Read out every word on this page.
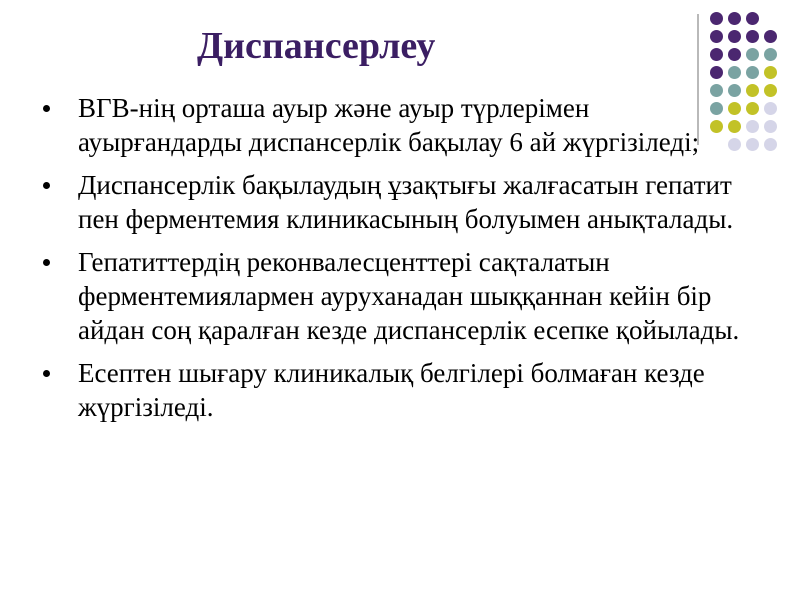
Диспансерлеу
ВГВ-нің орташа ауыр және ауыр түрлерімен ауырғандарды диспансерлік бақылау 6 ай жүргізіледі;
Диспансерлік бақылаудың ұзақтығы жалғасатын гепатит пен ферментемия клиникасының болуымен анықталады.
Гепатиттердің реконвалесценттері сақталатын ферментемиялармен ауруханадан шыққаннан кейін бір айдан соң қаралған кезде диспансерлік есепке қойылады.
Есептен шығару клиникалық белгілері болмаған кезде жүргізіледі.
